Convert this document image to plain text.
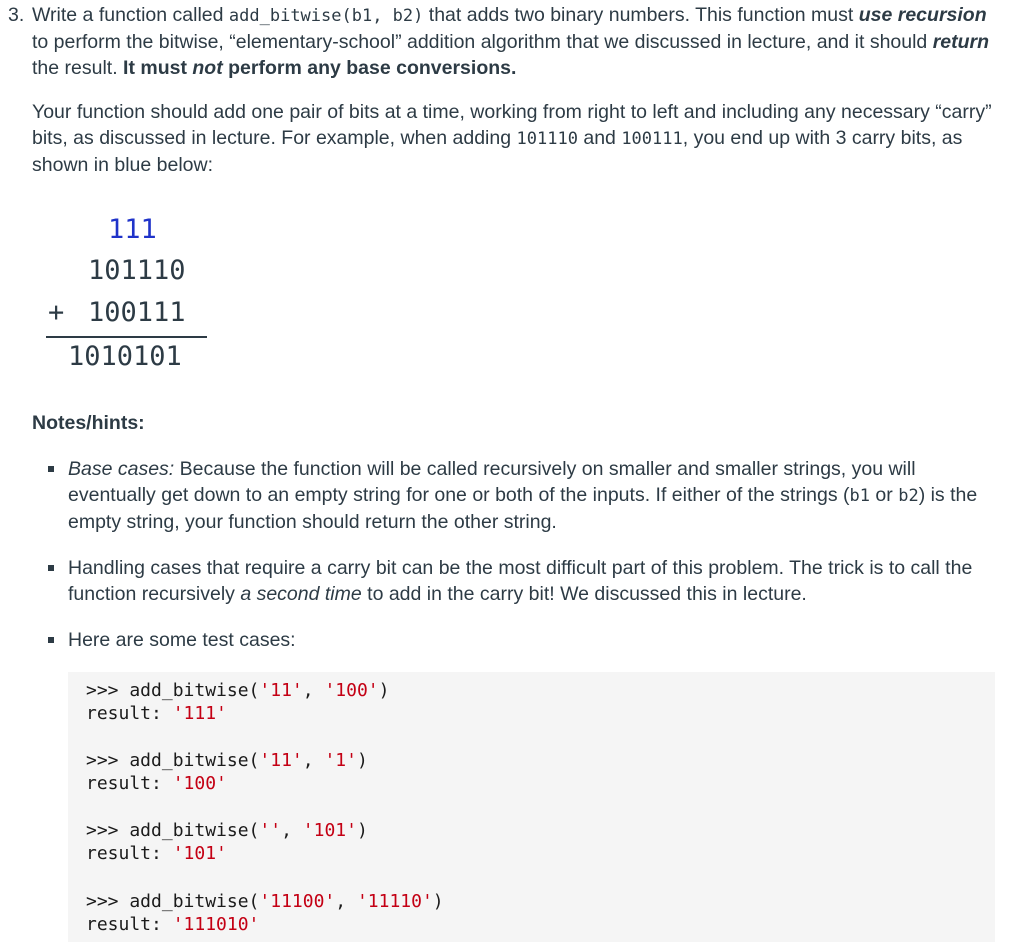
3. Write a function called add_bitwise(b1, b2) that adds two binary numbers. This function must use recursion to perform the bitwise, “elementary-school” addition algorithm that we discussed in lecture, and it should return the result. It must not perform any base conversions.
Your function should add one pair of bits at a time, working from right to left and including any necessary “carry” bits, as discussed in lecture. For example, when adding 101110 and 100111, you end up with 3 carry bits, as shown in blue below:
111
101110
+ 100111
1010101
Notes/hints:
Base cases: Because the function will be called recursively on smaller and smaller strings, you will eventually get down to an empty string for one or both of the inputs. If either of the strings (b1 or b2) is the empty string, your function should return the other string.
Handling cases that require a carry bit can be the most difficult part of this problem. The trick is to call the function recursively a second time to add in the carry bit! We discussed this in lecture.
Here are some test cases:
>>> add_bitwise('11', '100')
result: '111'
>>> add_bitwise('11', '1')
result: '100'
>>> add_bitwise('', '101')
result: '101'
>>> add_bitwise('11100', '11110')
result: '111010'
